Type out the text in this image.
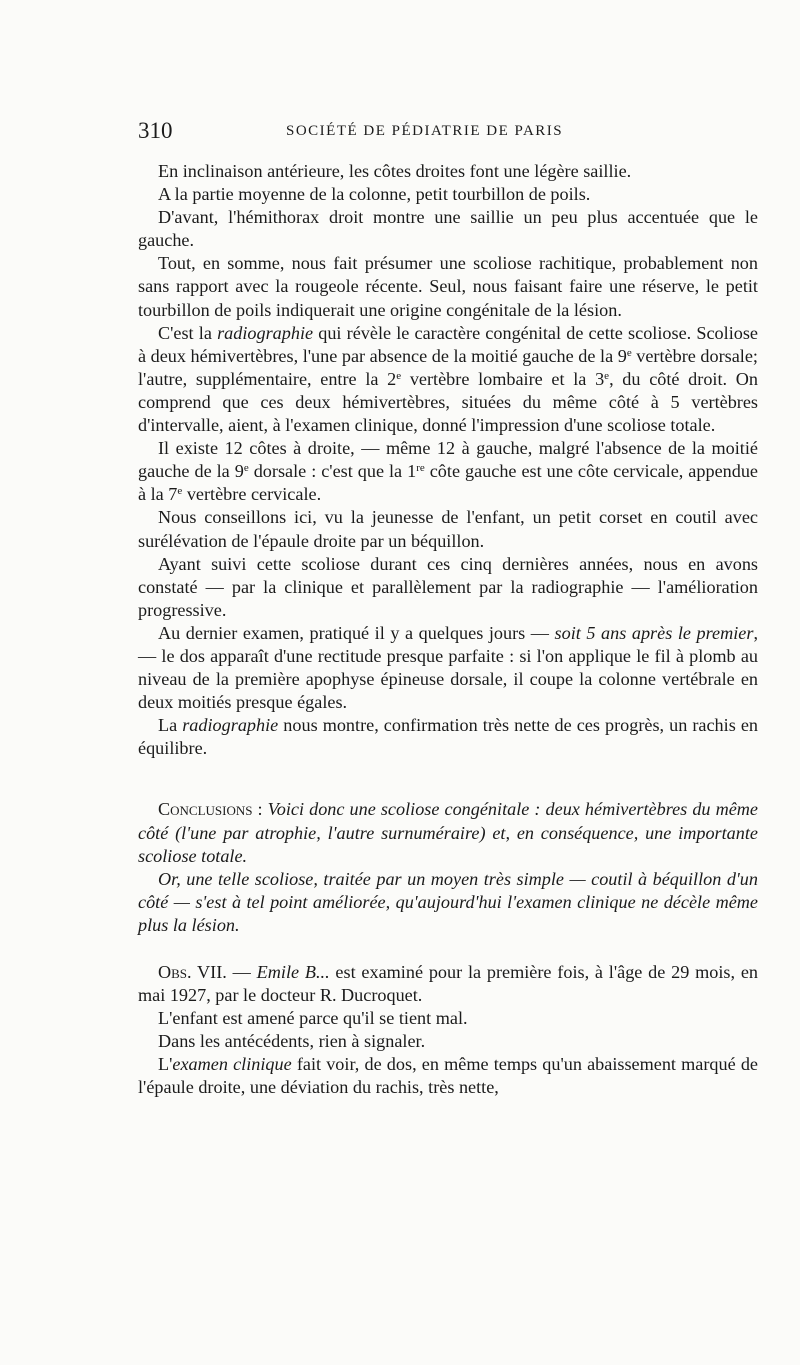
310	SOCIÉTÉ DE PÉDIATRIE DE PARIS

En inclinaison antérieure, les côtes droites font une légère saillie.

A la partie moyenne de la colonne, petit tourbillon de poils.

D'avant, l'hémithorax droit montre une saillie un peu plus accentuée que le gauche.

Tout, en somme, nous fait présumer une scoliose rachitique, probablement non sans rapport avec la rougeole récente. Seul, nous faisant faire une réserve, le petit tourbillon de poils indiquerait une origine congénitale de la lésion.

C'est la radiographie qui révèle le caractère congénital de cette scoliose. Scoliose à deux hémivertèbres, l'une par absence de la moitié gauche de la 9e vertèbre dorsale; l'autre, supplémentaire, entre la 2e vertèbre lombaire et la 3e, du côté droit. On comprend que ces deux hémivertèbres, situées du même côté à 5 vertèbres d'intervalle, aient, à l'examen clinique, donné l'impression d'une scoliose totale.

Il existe 12 côtes à droite, — même 12 à gauche, malgré l'absence de la moitié gauche de la 9e dorsale : c'est que la 1re côte gauche est une côte cervicale, appendue à la 7e vertèbre cervicale.

Nous conseillons ici, vu la jeunesse de l'enfant, un petit corset en coutil avec surélévation de l'épaule droite par un béquillon.

Ayant suivi cette scoliose durant ces cinq dernières années, nous en avons constaté — par la clinique et parallèlement par la radiographie — l'amélioration progressive.

Au dernier examen, pratiqué il y a quelques jours — soit 5 ans après le premier, — le dos apparaît d'une rectitude presque parfaite : si l'on applique le fil à plomb au niveau de la première apophyse épineuse dorsale, il coupe la colonne vertébrale en deux moitiés presque égales.

La radiographie nous montre, confirmation très nette de ces progrès, un rachis en équilibre.

Conclusions : Voici donc une scoliose congénitale : deux hémivertèbres du même côté (l'une par atrophie, l'autre surnuméraire) et, en conséquence, une importante scoliose totale.

Or, une telle scoliose, traitée par un moyen très simple — coutil à béquillon d'un côté — s'est à tel point améliorée, qu'aujourd'hui l'examen clinique ne décèle même plus la lésion.

Obs. VII. — Emile B... est examiné pour la première fois, à l'âge de 29 mois, en mai 1927, par le docteur R. Ducroquet.

L'enfant est amené parce qu'il se tient mal.

Dans les antécédents, rien à signaler.

L'examen clinique fait voir, de dos, en même temps qu'un abaissement marqué de l'épaule droite, une déviation du rachis, très nette,
